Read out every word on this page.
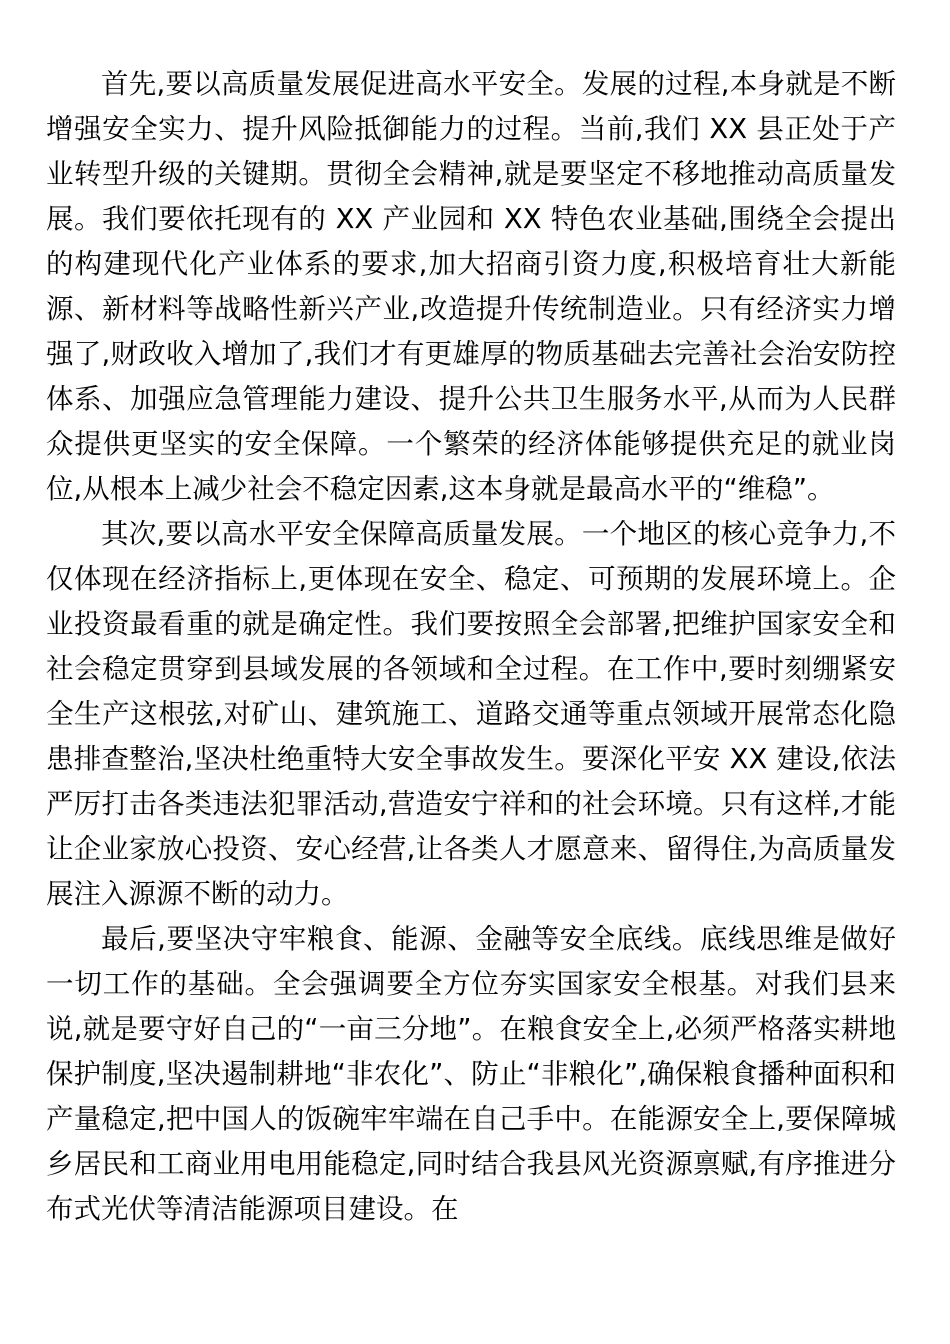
首先,要以高质量发展促进高水平安全。发展的过程,本身就是不断增强安全实力、提升风险抵御能力的过程。当前,我们 XX 县正处于产业转型升级的关键期。贯彻全会精神,就是要坚定不移地推动高质量发展。我们要依托现有的 XX 产业园和 XX 特色农业基础,围绕全会提出的构建现代化产业体系的要求,加大招商引资力度,积极培育壮大新能源、新材料等战略性新兴产业,改造提升传统制造业。只有经济实力增强了,财政收入增加了,我们才有更雄厚的物质基础去完善社会治安防控体系、加强应急管理能力建设、提升公共卫生服务水平,从而为人民群众提供更坚实的安全保障。一个繁荣的经济体能够提供充足的就业岗位,从根本上减少社会不稳定因素,这本身就是最高水平的“维稳”。

其次,要以高水平安全保障高质量发展。一个地区的核心竞争力,不仅体现在经济指标上,更体现在安全、稳定、可预期的发展环境上。企业投资最看重的就是确定性。我们要按照全会部署,把维护国家安全和社会稳定贯穿到县域发展的各领域和全过程。在工作中,要时刻绷紧安全生产这根弦,对矿山、建筑施工、道路交通等重点领域开展常态化隐患排查整治,坚决杜绝重特大安全事故发生。要深化平安 XX 建设,依法严厉打击各类违法犯罪活动,营造安宁祥和的社会环境。只有这样,才能让企业家放心投资、安心经营,让各类人才愿意来、留得住,为高质量发展注入源源不断的动力。

最后,要坚决守牢粮食、能源、金融等安全底线。底线思维是做好一切工作的基础。全会强调要全方位夯实国家安全根基。对我们县来说,就是要守好自己的“一亩三分地”。在粮食安全上,必须严格落实耕地保护制度,坚决遏制耕地“非农化”、防止“非粮化”,确保粮食播种面积和产量稳定,把中国人的饭碗牢牢端在自己手中。在能源安全上,要保障城乡居民和工商业用电用能稳定,同时结合我县风光资源禀赋,有序推进分布式光伏等清洁能源项目建设。在
